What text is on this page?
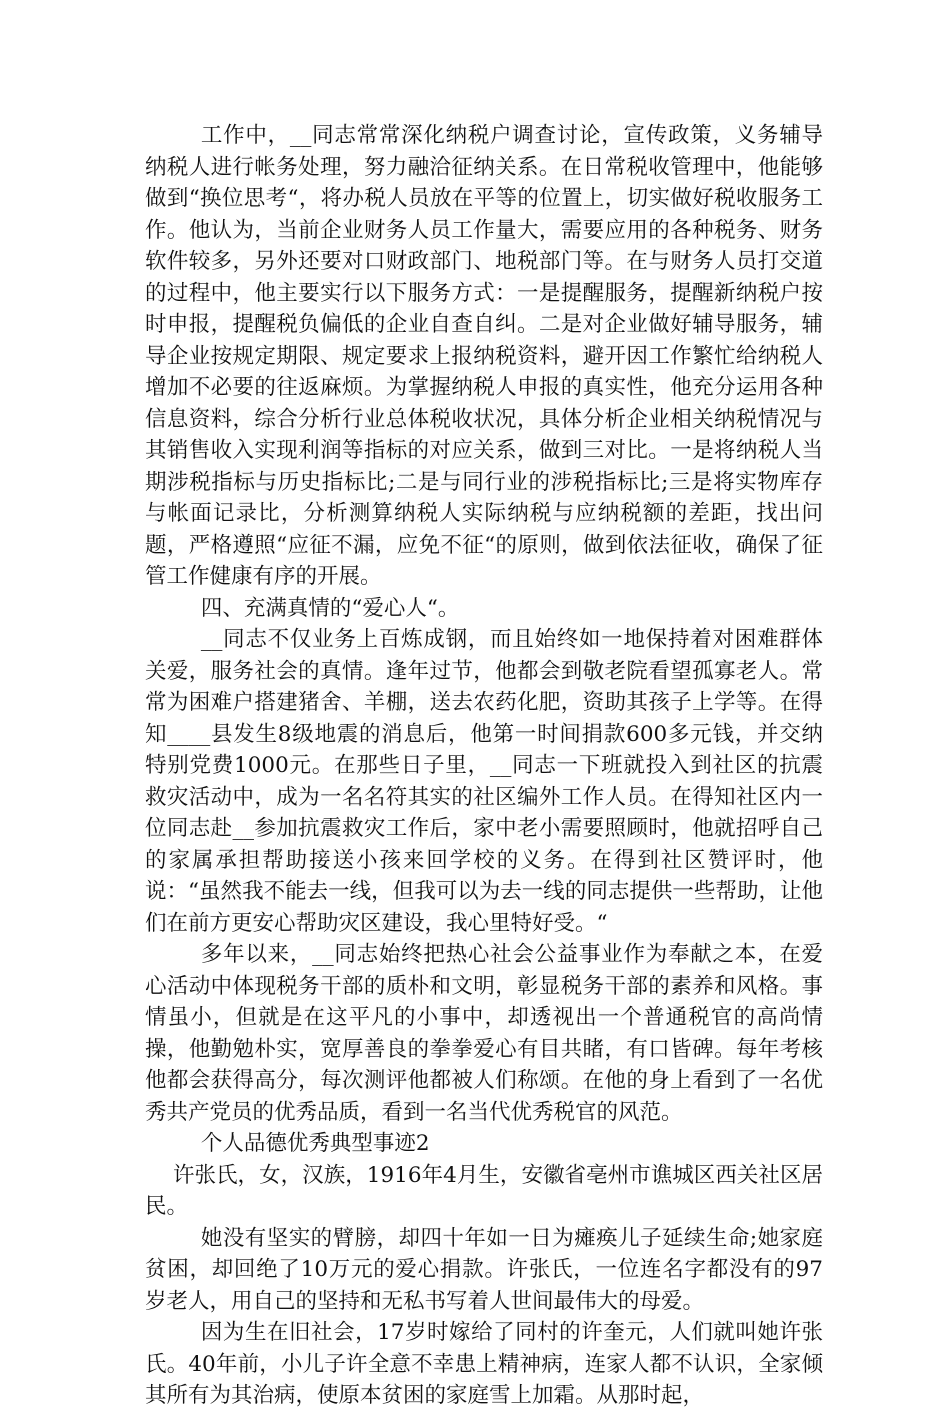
工作中，__同志常常深化纳税户调查讨论，宣传政策，义务辅导纳税人进行帐务处理，努力融洽征纳关系。在日常税收管理中，他能够做到“换位思考“，将办税人员放在平等的位置上，切实做好税收服务工作。他认为，当前企业财务人员工作量大，需要应用的各种税务、财务软件较多，另外还要对口财政部门、地税部门等。在与财务人员打交道的过程中，他主要实行以下服务方式：一是提醒服务，提醒新纳税户按时申报，提醒税负偏低的企业自查自纠。二是对企业做好辅导服务，辅导企业按规定期限、规定要求上报纳税资料，避开因工作繁忙给纳税人增加不必要的往返麻烦。为掌握纳税人申报的真实性，他充分运用各种信息资料，综合分析行业总体税收状况，具体分析企业相关纳税情况与其销售收入实现利润等指标的对应关系，做到三对比。一是将纳税人当期涉税指标与历史指标比;二是与同行业的涉税指标比;三是将实物库存与帐面记录比，分析测算纳税人实际纳税与应纳税额的差距，找出问题，严格遵照“应征不漏，应免不征“的原则，做到依法征收，确保了征管工作健康有序的开展。

四、充满真情的“爱心人“。

__同志不仅业务上百炼成钢，而且始终如一地保持着对困难群体关爱，服务社会的真情。逢年过节，他都会到敬老院看望孤寡老人。常常为困难户搭建猪舍、羊棚，送去农药化肥，资助其孩子上学等。在得知____县发生8级地震的消息后，他第一时间捐款600多元钱，并交纳特别党费1000元。在那些日子里，__同志一下班就投入到社区的抗震救灾活动中，成为一名名符其实的社区编外工作人员。在得知社区内一位同志赴__参加抗震救灾工作后，家中老小需要照顾时，他就招呼自己的家属承担帮助接送小孩来回学校的义务。在得到社区赞评时，他说：“虽然我不能去一线，但我可以为去一线的同志提供一些帮助，让他们在前方更安心帮助灾区建设，我心里特好受。“

多年以来，__同志始终把热心社会公益事业作为奉献之本，在爱心活动中体现税务干部的质朴和文明，彰显税务干部的素养和风格。事情虽小，但就是在这平凡的小事中，却透视出一个普通税官的高尚情操，他勤勉朴实，宽厚善良的拳拳爱心有目共睹，有口皆碑。每年考核他都会获得高分，每次测评他都被人们称颂。在他的身上看到了一名优秀共产党员的优秀品质，看到一名当代优秀税官的风范。

个人品德优秀典型事迹2

许张氏，女，汉族，1916年4月生，安徽省亳州市谯城区西关社区居民。

她没有坚实的臂膀，却四十年如一日为瘫痪儿子延续生命;她家庭贫困，却回绝了10万元的爱心捐款。许张氏，一位连名字都没有的97岁老人，用自己的坚持和无私书写着人世间最伟大的母爱。

因为生在旧社会，17岁时嫁给了同村的许奎元，人们就叫她许张氏。40年前，小儿子许全意不幸患上精神病，连家人都不认识，全家倾其所有为其治病，使原本贫困的家庭雪上加霜。从那时起，
